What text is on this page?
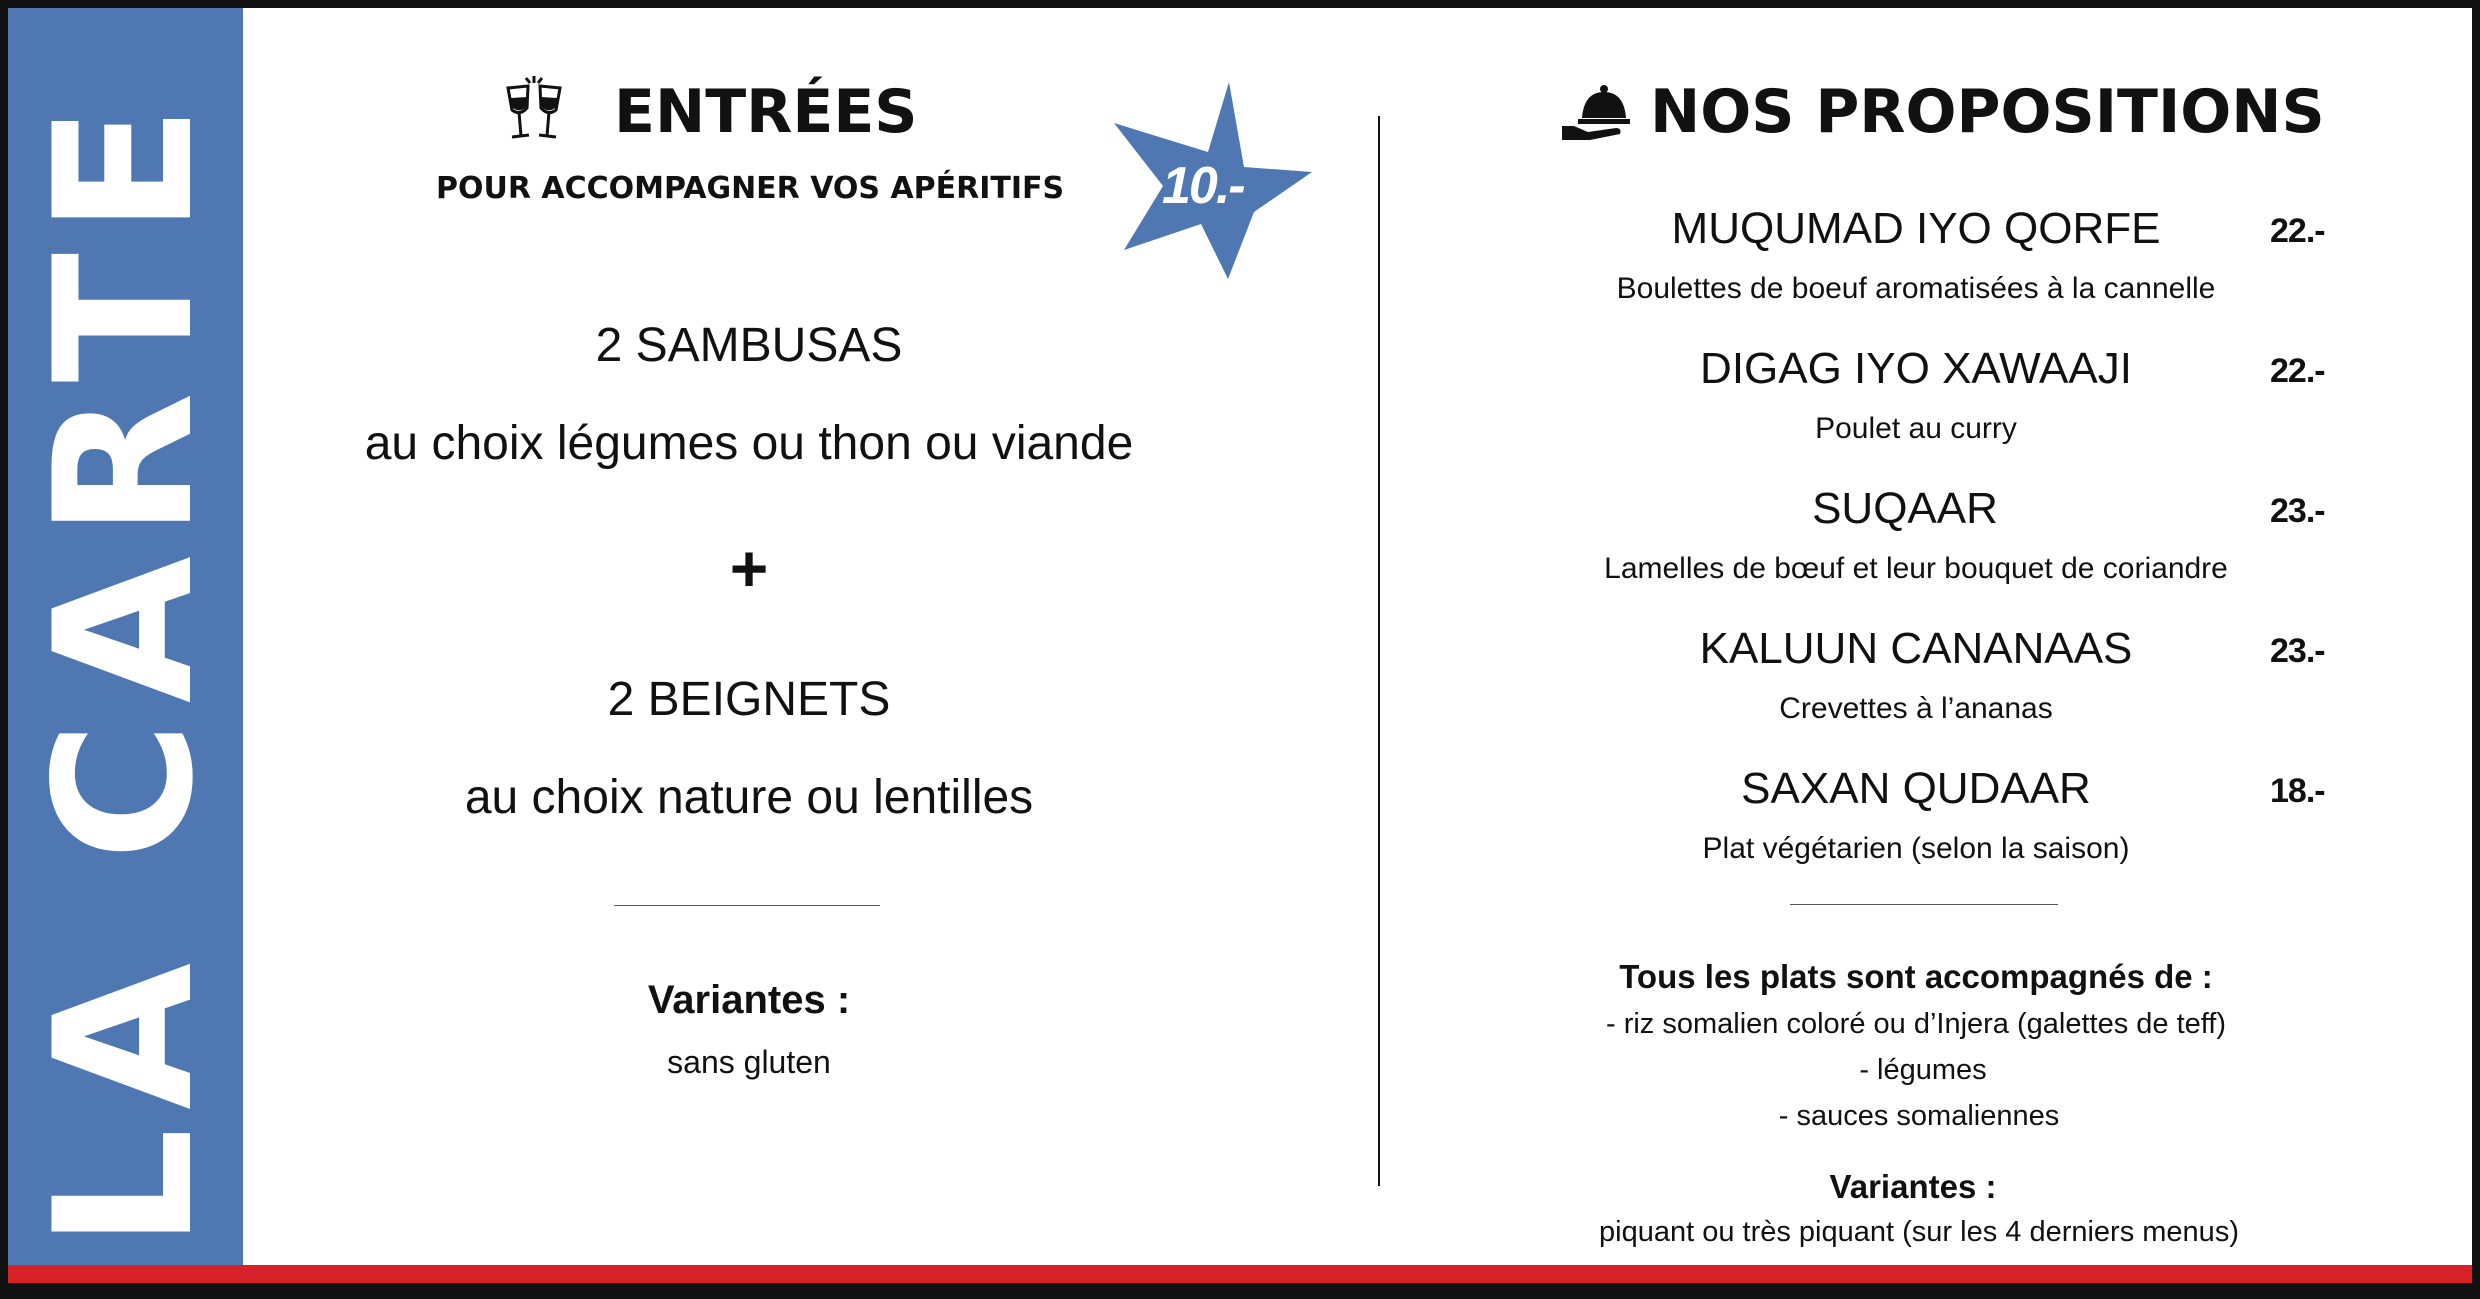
LA CARTE	ENTRÉES
POUR ACCOMPAGNER VOS APÉRITIFS 10.-
2 SAMBUSAS
au choix légumes ou thon ou viande
+
2 BEIGNETS
au choix nature ou lentilles
Variantes :
sans gluten
NOS PROPOSITIONS
MUQUMAD IYO QORFE
Boulettes de boeuf aromatisées à la cannelle
22.-
DIGAG IYO XAWAAJI
Poulet au curry
22.-
SUQAAR
Lamelles de bœuf et leur bouquet de coriandre
23.-
KALUUN CANANAAS
Crevettes à l’ananas
23.-
SAXAN QUDAAR
Plat végétarien (selon la saison)
18.-
Tous les plats sont accompagnés de :
- riz somalien coloré ou d’Injera (galettes de teff)
- légumes
- sauces somaliennes
Variantes :
piquant ou très piquant (sur les 4 derniers menus)
